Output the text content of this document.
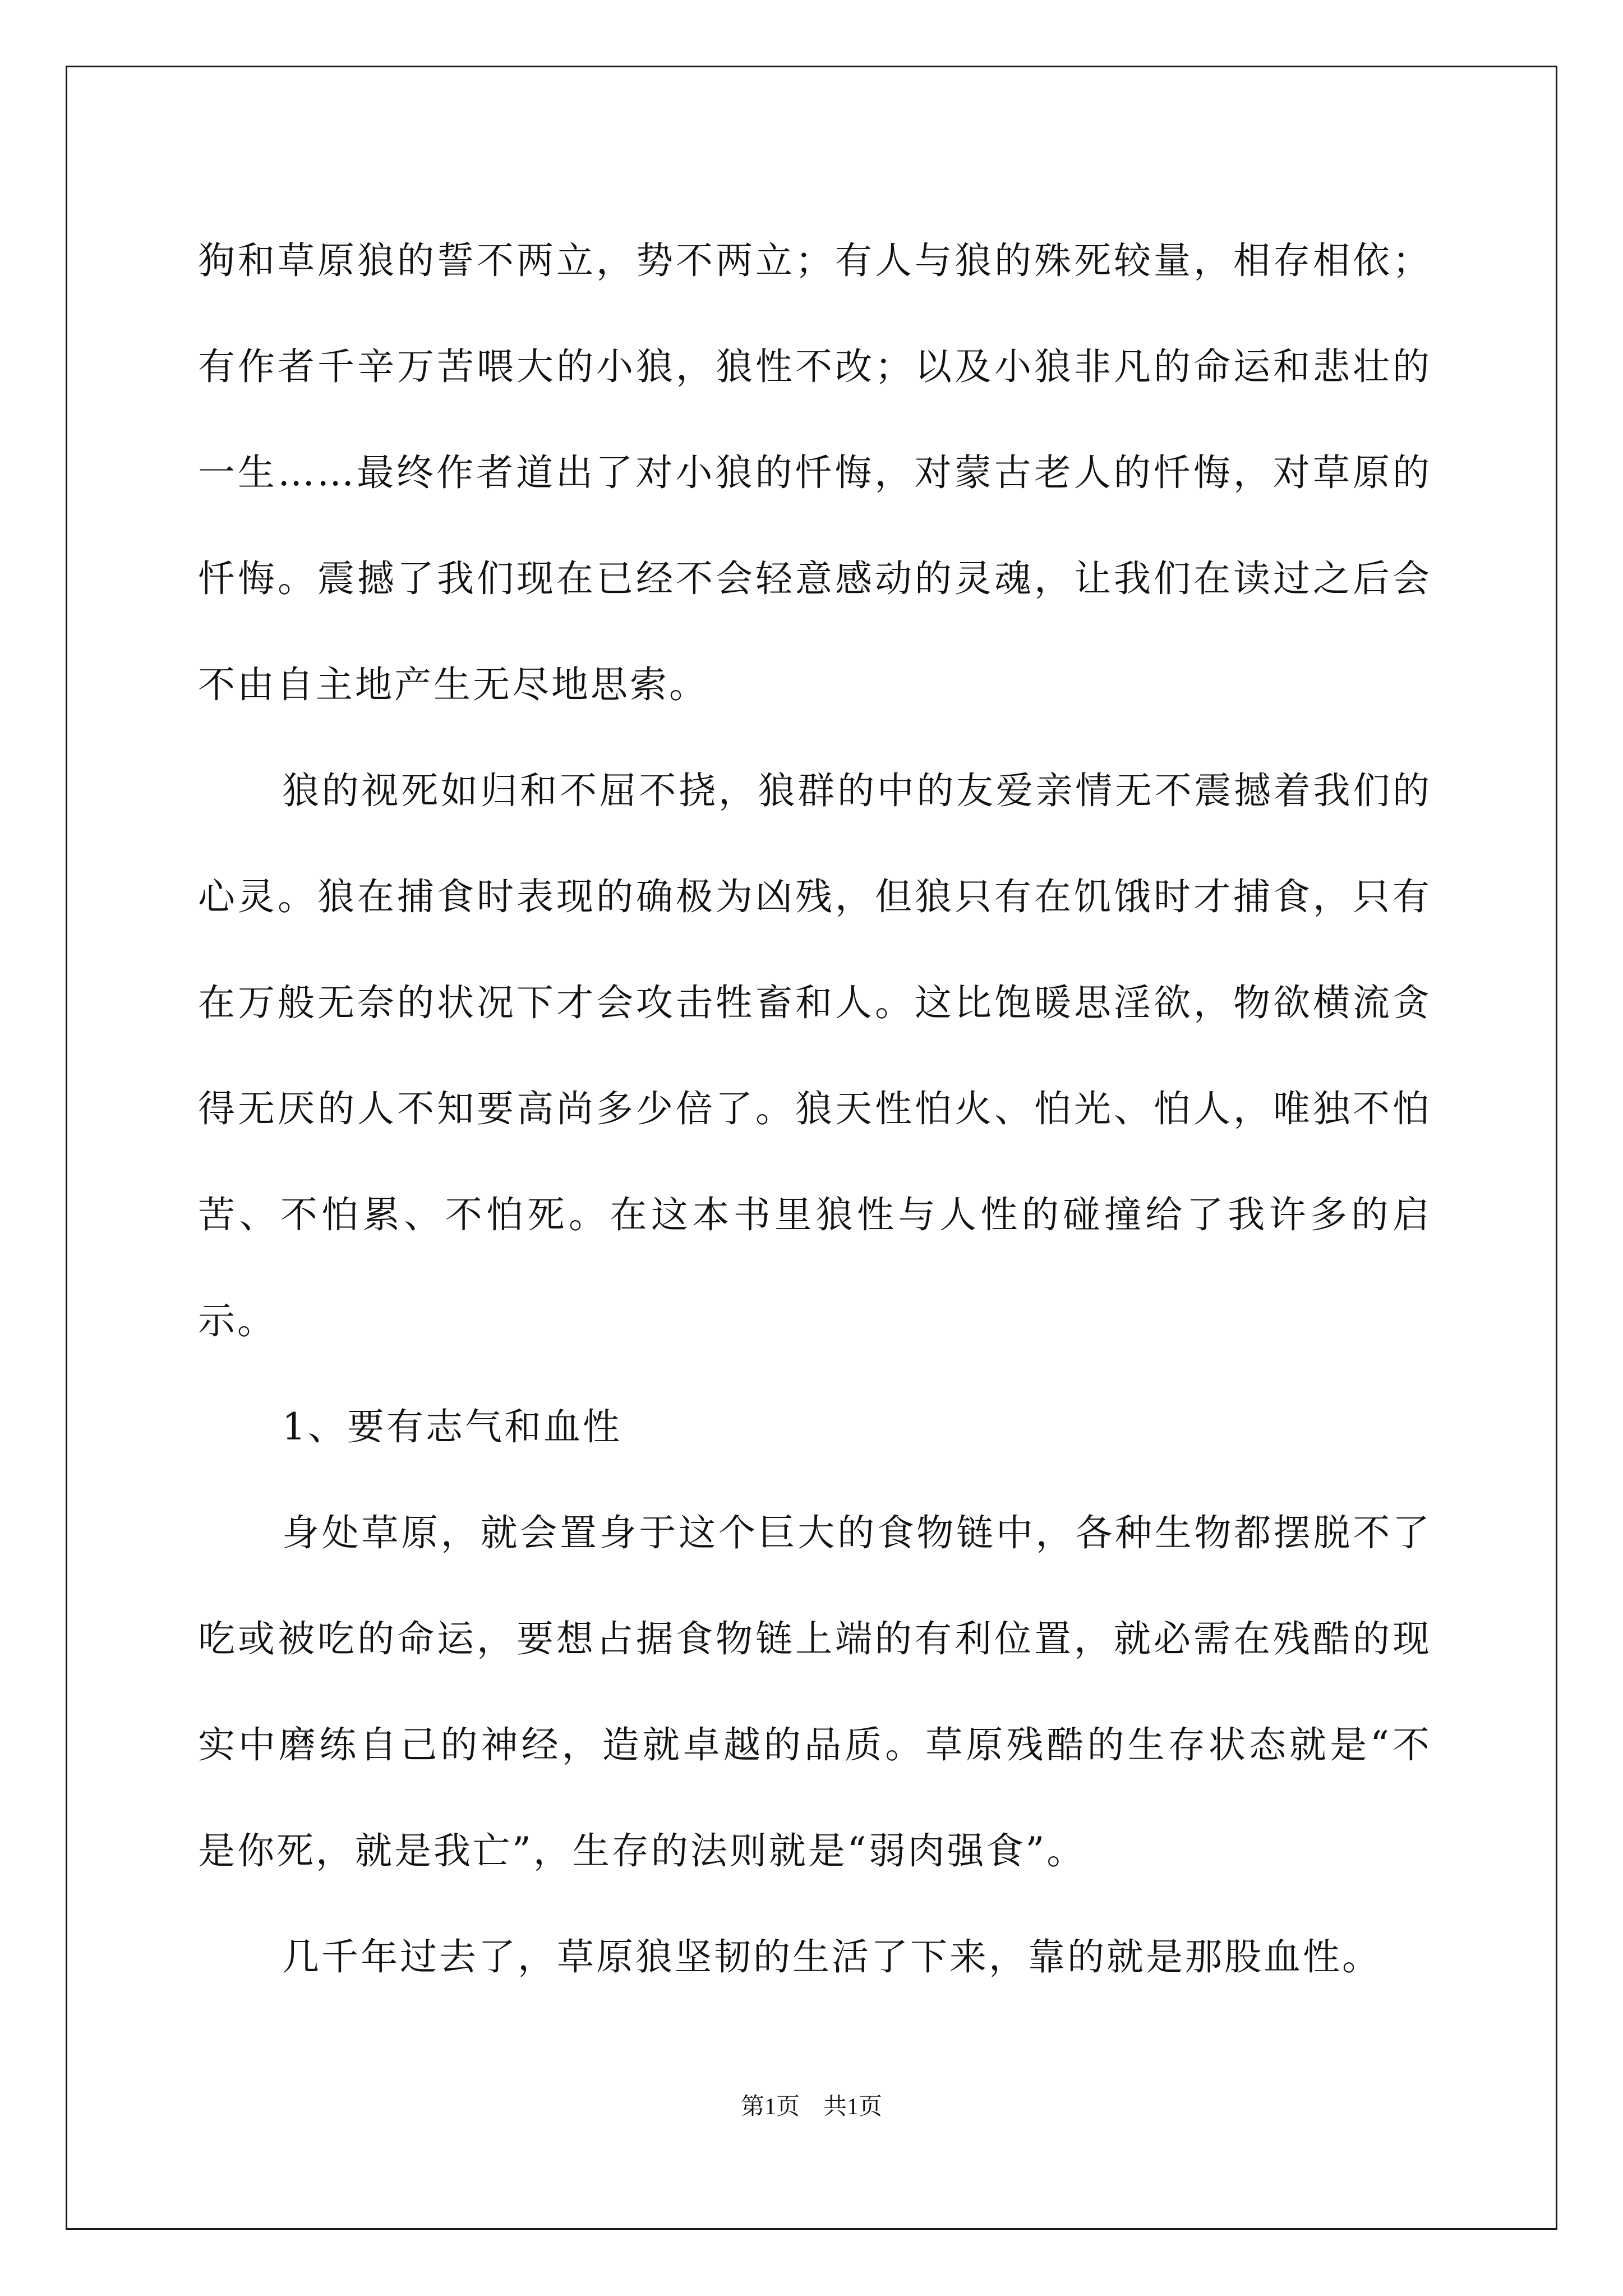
狗和草原狼的誓不两立，势不两立；有人与狼的殊死较量，相存相依；有作者千辛万苦喂大的小狼，狼性不改；以及小狼非凡的命运和悲壮的一生……最终作者道出了对小狼的忏悔，对蒙古老人的忏悔，对草原的忏悔。震撼了我们现在已经不会轻意感动的灵魂，让我们在读过之后会不由自主地产生无尽地思索。

狼的视死如归和不屈不挠，狼群的中的友爱亲情无不震撼着我们的心灵。狼在捕食时表现的确极为凶残，但狼只有在饥饿时才捕食，只有在万般无奈的状况下才会攻击牲畜和人。这比饱暖思淫欲，物欲横流贪得无厌的人不知要高尚多少倍了。狼天性怕火、怕光、怕人，唯独不怕苦、不怕累、不怕死。在这本书里狼性与人性的碰撞给了我许多的启示。

1、要有志气和血性

身处草原，就会置身于这个巨大的食物链中，各种生物都摆脱不了吃或被吃的命运，要想占据食物链上端的有利位置，就必需在残酷的现实中磨练自己的神经，造就卓越的品质。草原残酷的生存状态就是“不是你死，就是我亡”，生存的法则就是“弱肉强食”。

几千年过去了，草原狼坚韧的生活了下来，靠的就是那股血性。

第1页　共1页
